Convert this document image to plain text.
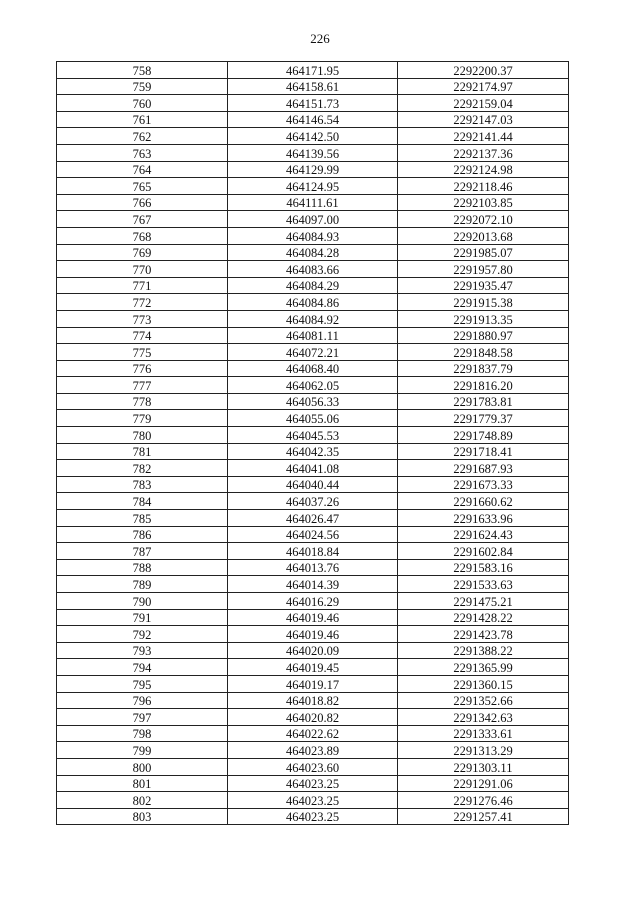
226
758	464171.95	2292200.37
759	464158.61	2292174.97
760	464151.73	2292159.04
761	464146.54	2292147.03
762	464142.50	2292141.44
763	464139.56	2292137.36
764	464129.99	2292124.98
765	464124.95	2292118.46
766	464111.61	2292103.85
767	464097.00	2292072.10
768	464084.93	2292013.68
769	464084.28	2291985.07
770	464083.66	2291957.80
771	464084.29	2291935.47
772	464084.86	2291915.38
773	464084.92	2291913.35
774	464081.11	2291880.97
775	464072.21	2291848.58
776	464068.40	2291837.79
777	464062.05	2291816.20
778	464056.33	2291783.81
779	464055.06	2291779.37
780	464045.53	2291748.89
781	464042.35	2291718.41
782	464041.08	2291687.93
783	464040.44	2291673.33
784	464037.26	2291660.62
785	464026.47	2291633.96
786	464024.56	2291624.43
787	464018.84	2291602.84
788	464013.76	2291583.16
789	464014.39	2291533.63
790	464016.29	2291475.21
791	464019.46	2291428.22
792	464019.46	2291423.78
793	464020.09	2291388.22
794	464019.45	2291365.99
795	464019.17	2291360.15
796	464018.82	2291352.66
797	464020.82	2291342.63
798	464022.62	2291333.61
799	464023.89	2291313.29
800	464023.60	2291303.11
801	464023.25	2291291.06
802	464023.25	2291276.46
803	464023.25	2291257.41
